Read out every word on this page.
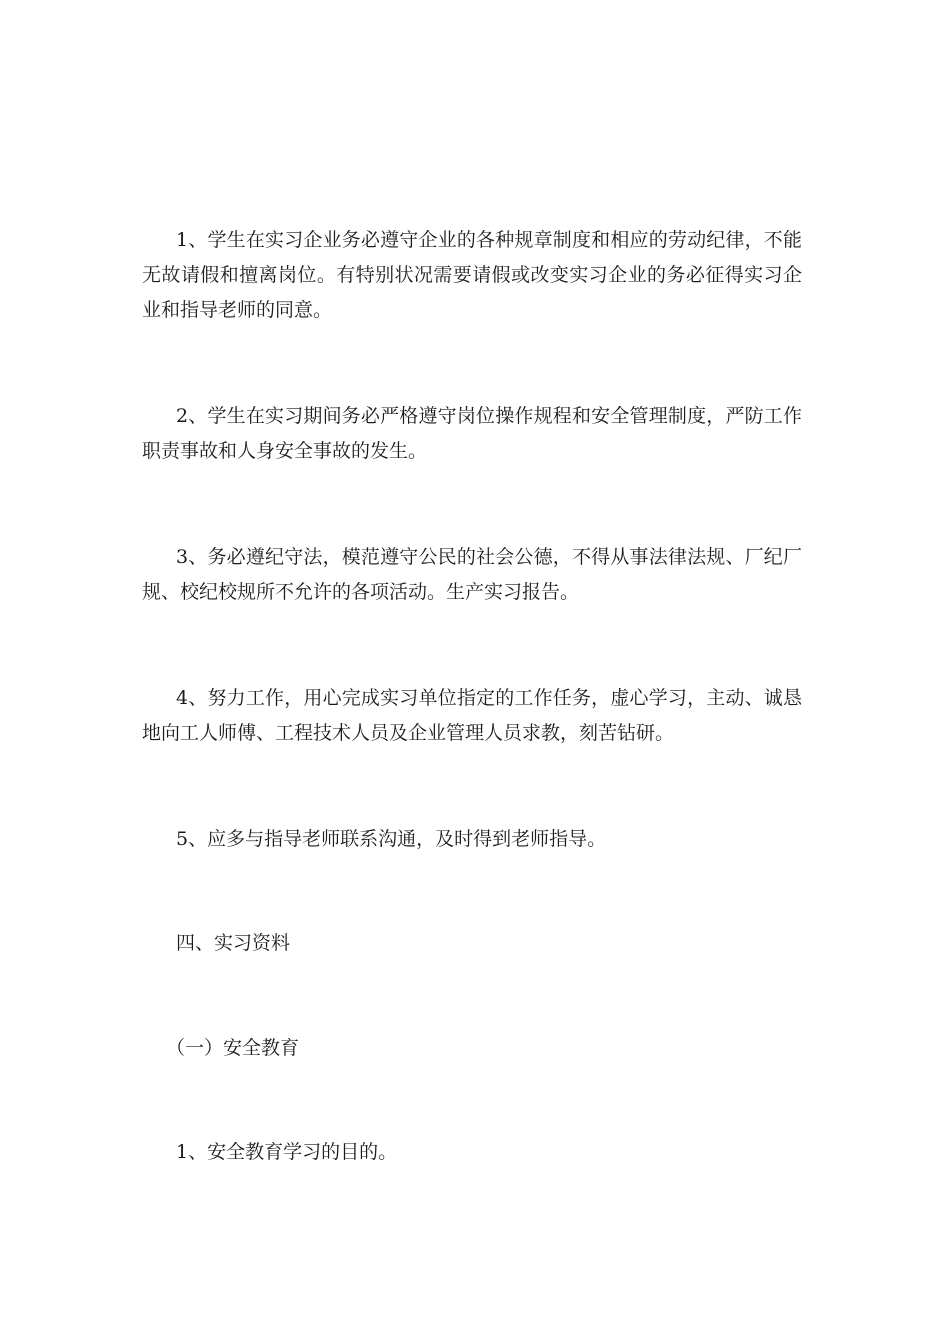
1、学生在实习企业务必遵守企业的各种规章制度和相应的劳动纪律，不能无故请假和擅离岗位。有特别状况需要请假或改变实习企业的务必征得实习企业和指导老师的同意。

2、学生在实习期间务必严格遵守岗位操作规程和安全管理制度，严防工作职责事故和人身安全事故的发生。

3、务必遵纪守法，模范遵守公民的社会公德，不得从事法律法规、厂纪厂规、校纪校规所不允许的各项活动。生产实习报告。

4、努力工作，用心完成实习单位指定的工作任务，虚心学习，主动、诚恳地向工人师傅、工程技术人员及企业管理人员求教，刻苦钻研。

5、应多与指导老师联系沟通，及时得到老师指导。

四、实习资料

（一）安全教育

1、安全教育学习的目的。
